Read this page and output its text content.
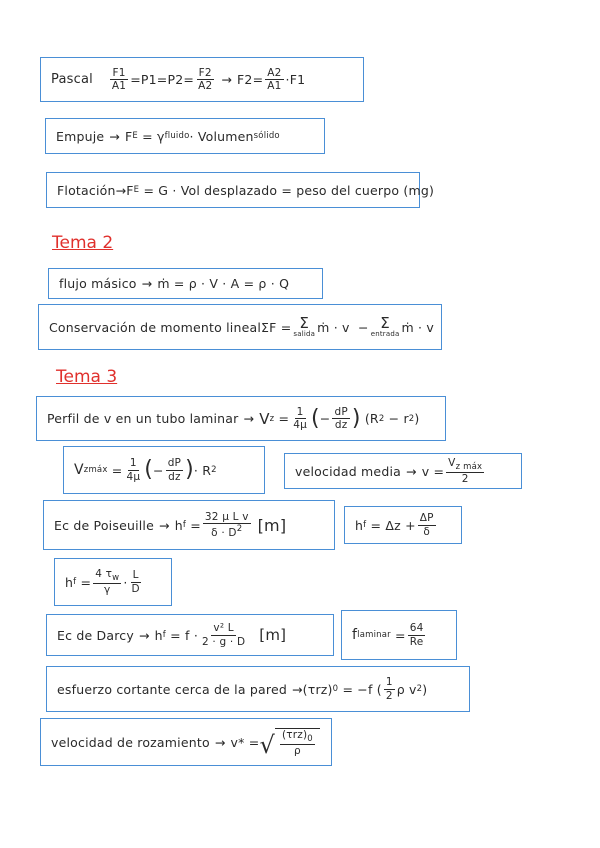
Pascal $\frac{F1}{A1} = P1 = P2 = \frac{F2}{A2} \to F2 = \frac{A2}{A1} \cdot F1$
Empuje → F E = γ fluido · Volumen sólido
Flotación → F E
= G · Vol desplazado = peso del cuerpo (mg)
Tema 2
flujo másico → ṁ = ρ · V · A = ρ · Q
Conservación de momento lineal ΣF
= Σ
salida ṁ · v
− Σ
entrada ṁ · v
Tema 3
Perfil de v en un tubo laminar → V z
= $\frac{1}{4\mu}$ ( − $\frac{dP}{dz}$ )
(R 2
− r 2 )
V zmáx
= $\frac{1}{4\mu}$ ( − $\frac{dP}{dz}$ ) · R 2	velocidad media → v
= $\frac{V_{z máx}}{2}$
Ec de Poiseuille → h f
= $\frac{\text{32 μ L v}}{\delta \cdot D^2} [m]$	h f
=
Δz
+ $\frac{\Delta P}{\delta}$
h f
= $\frac{4 \tau_w}{\gamma} \cdot \frac{L}{D}$
Ec de Darcy → h f
=
$f \cdot \frac{\text{v² L}}{2 \cdot g \cdot D} [m]$	f laminar
= $\frac{64}{Re}$
esfuerzo cortante cerca de la pared → (τrz) 0
= −f ( $\frac{1}{2}$ ρ v 2 )
velocidad de rozamiento → v*
= √ $\frac{(\tau rz)_0}{\rho}$
